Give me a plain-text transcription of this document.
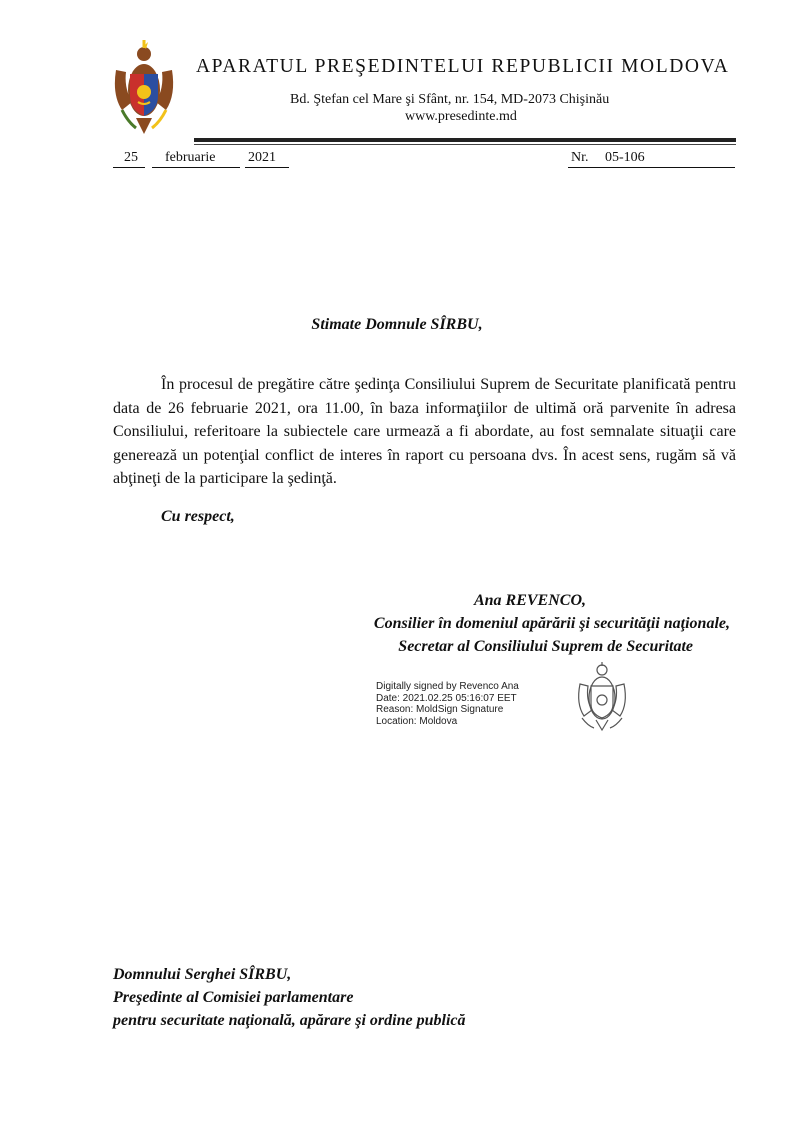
APARATUL PREŞEDINTELUI REPUBLICII MOLDOVA
Bd. Ştefan cel Mare şi Sfânt, nr. 154, MD-2073 Chişinău
www.presedinte.md
25 februarie 2021	Nr. 05-106
Stimate Domnule SÎRBU,

În procesul de pregătire către şedinţa Consiliului Suprem de Securitate planificată pentru data de 26 februarie 2021, ora 11.00, în baza informaţiilor de ultimă oră parvenite în adresa Consiliului, referitoare la subiectele care urmează a fi abordate, au fost semnalate situaţii care generează un potenţial conflict de interes în raport cu persoana dvs. În acest sens, rugăm să vă abţineţi de la participare la şedinţă.

Cu respect,
Ana REVENCO,
Consilier în domeniul apărării şi securităţii naţionale,
Secretar al Consiliului Suprem de Securitate
Digitally signed by Revenco Ana
Date: 2021.02.25 05:16:07 EET
Reason: MoldSign Signature
Location: Moldova
Domnului Serghei SÎRBU,
Preşedinte al Comisiei parlamentare
pentru securitate naţională, apărare şi ordine publică
